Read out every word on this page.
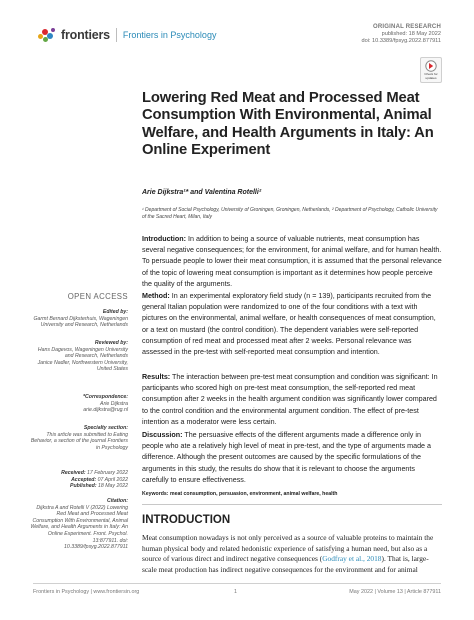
frontiers Frontiers in Psychology
ORIGINAL RESEARCH
published: 18 May 2022
doi: 10.3389/fpsyg.2022.877911
Check for
updates
Lowering Red Meat and Processed Meat Consumption With Environmental, Animal Welfare, and Health Arguments in Italy: An Online Experiment
Arie Dijkstra¹* and Valentina Rotelli²
¹ Department of Social Psychology, University of Groningen, Groningen, Netherlands, ² Department of Psychology, Catholic University of the Sacred Heart, Milan, Italy
Introduction: In addition to being a source of valuable nutrients, meat consumption has several negative consequences; for the environment, for animal welfare, and for human health. To persuade people to lower their meat consumption, it is assumed that the personal relevance of the topic of lowering meat consumption is important as it determines how people perceive the quality of the arguments.
Method: In an experimental exploratory field study (n = 139), participants recruited from the general Italian population were randomized to one of the four conditions with a text with pictures on the environmental, animal welfare, or health consequences of meat consumption, or a text on mustard (the control condition). The dependent variables were self-reported consumption of red meat and processed meat after 2 weeks. Personal relevance was assessed in the pre-test with self-reported meat consumption and intention.
Results: The interaction between pre-test meat consumption and condition was significant: In participants who scored high on pre-test meat consumption, the self-reported red meat consumption after 2 weeks in the health argument condition was significantly lower compared to the control condition and the environmental argument condition. The effect of pre-test intention as a moderator were less certain.
Discussion: The persuasive effects of the different arguments made a difference only in people who ate a relatively high level of meat in pre-test, and the type of arguments made a difference. Although the present outcomes are caused by the specific formulations of the arguments in this study, the results do show that it is relevant to choose the arguments carefully to ensure effectiveness.
Keywords: meat consumption, persuasion, environment, animal welfare, health
INTRODUCTION
Meat consumption nowadays is not only perceived as a source of valuable proteins to maintain the human physical body and related hedonistic experience of satisfying a human need, but also as a source of various direct and indirect negative consequences (Godfray et al., 2018). That is, large-scale meat production has indirect negative consequences for the environment and for animal
OPEN ACCESS
Edited by:
Garmt Bernard Dijksterhuis, Wageningen University and Research, Netherlands
Reviewed by:
Hans Dagevos, Wageningen University and Research, Netherlands
Janice Nadler, Northwestern University, United States
*Correspondence:
Arie Dijkstra
arie.dijkstra@rug.nl
Specialty section:
This article was submitted to Eating Behavior, a section of the journal Frontiers in Psychology
Received: 17 February 2022
Accepted: 07 April 2022
Published: 18 May 2022
Citation:
Dijkstra A and Rotelli V (2022) Lowering Red Meat and Processed Meat Consumption With Environmental, Animal Welfare, and Health Arguments in Italy: An Online Experiment. Front. Psychol. 13:877911. doi: 10.3389/fpsyg.2022.877911
Frontiers in Psychology | www.frontiersin.org	1	May 2022 | Volume 13 | Article 877911
